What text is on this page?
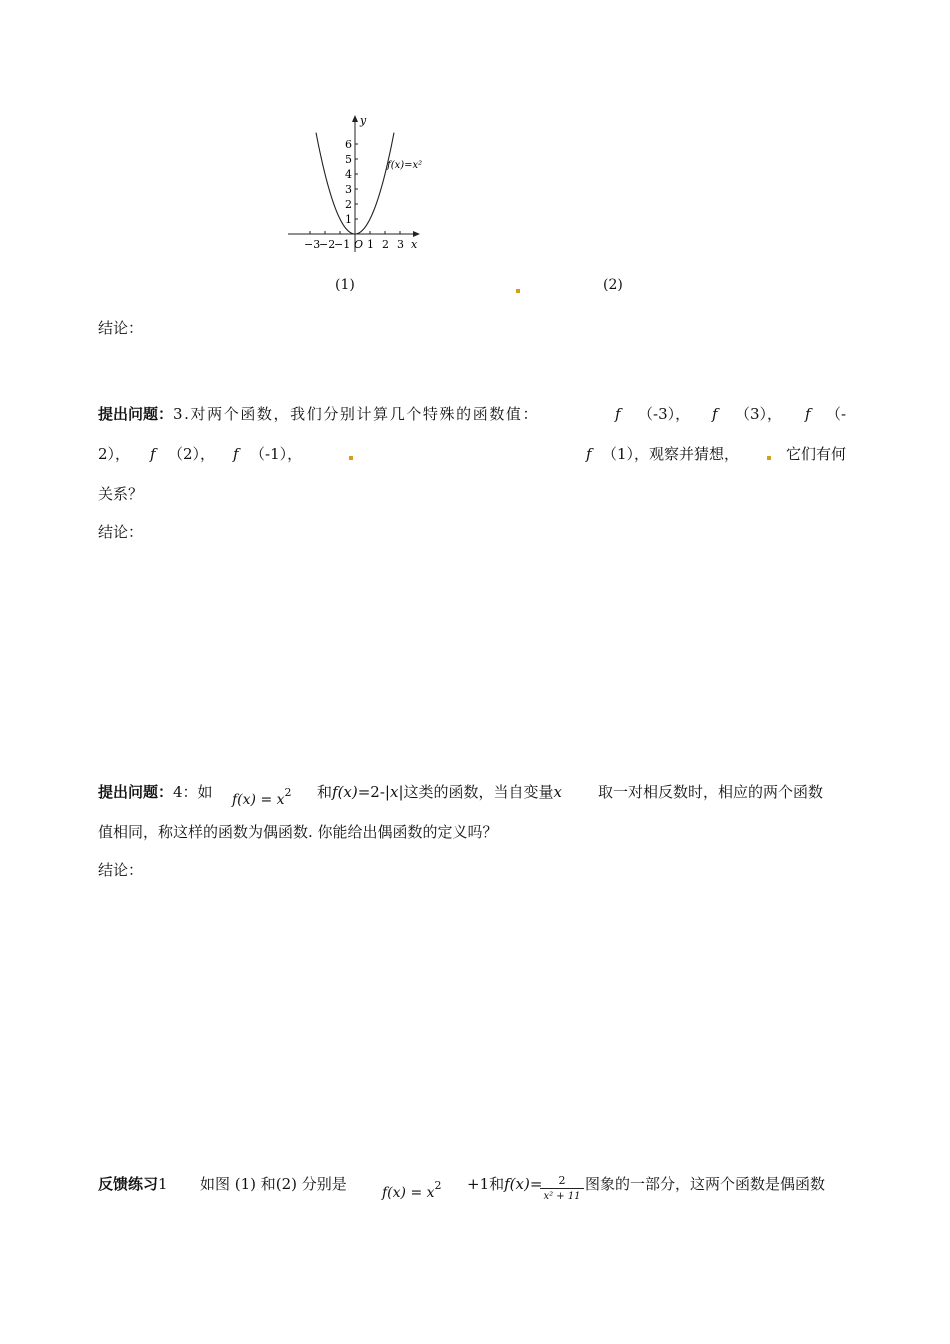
1
2
3
4
5
6
−3
−2
−1 1 2 3
y
x
O
f(x)=x²
(1)	(2)
结论：
提出问题：3.对两个函数，我们分别计算几个特殊的函数值：	f （-3）， f （3）， f （-
2）， f （2）， f （-1），	f （1），观察并猜想，	它们有何
关系？
结论：
提出问题：4：如 $f(x) = x^2$ 和f(x)=2-|x|这类的函数，当自变量x 取一对相反数时，相应的两个函数
值相同，称这样的函数为偶函数. 你能给出偶函数的定义吗？
结论：
反馈练习1 如图 (1) 和(2) 分别是	$f(x) = x^2 +1$和f(x)=	2
x² + 11
图象的一部分，这两个函数是偶函数
